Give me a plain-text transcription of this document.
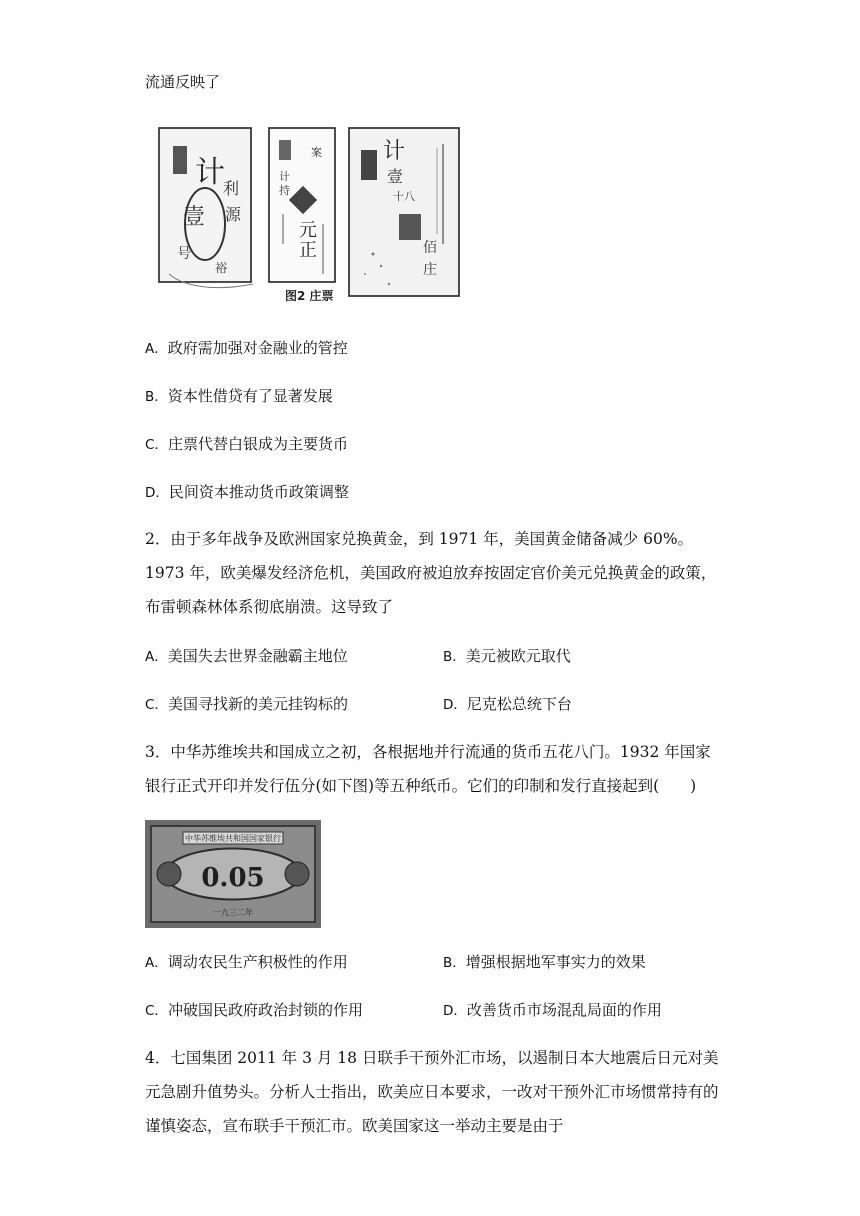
流通反映了
计
壹
利
源
号
裕
案
计
持
元
正
计
壹
十八
佰
庄
图2 庄票
A．政府需加强对金融业的管控
B．资本性借贷有了显著发展
C．庄票代替白银成为主要货币
D．民间资本推动货币政策调整
2．由于多年战争及欧洲国家兑换黄金，到 1971 年，美国黄金储备减少 60%。1973 年，欧美爆发经济危机，美国政府被迫放弃按固定官价美元兑换黄金的政策，布雷顿森林体系彻底崩溃。这导致了
A．美国失去世界金融霸主地位	B．美元被欧元取代
C．美国寻找新的美元挂钩标的	D．尼克松总统下台
3．中华苏维埃共和国成立之初，各根据地并行流通的货币五花八门。1932 年国家银行正式开印并发行伍分(如下图)等五种纸币。它们的印制和发行直接起到(　　)
中华苏维埃共和国国家银行
0.05
一九三二年
A．调动农民生产积极性的作用	B．增强根据地军事实力的效果
C．冲破国民政府政治封锁的作用	D．改善货币市场混乱局面的作用
4．七国集团 2011 年 3 月 18 日联手干预外汇市场，以遏制日本大地震后日元对美元急剧升值势头。分析人士指出，欧美应日本要求，一改对干预外汇市场惯常持有的谨慎姿态，宣布联手干预汇市。欧美国家这一举动主要是由于
